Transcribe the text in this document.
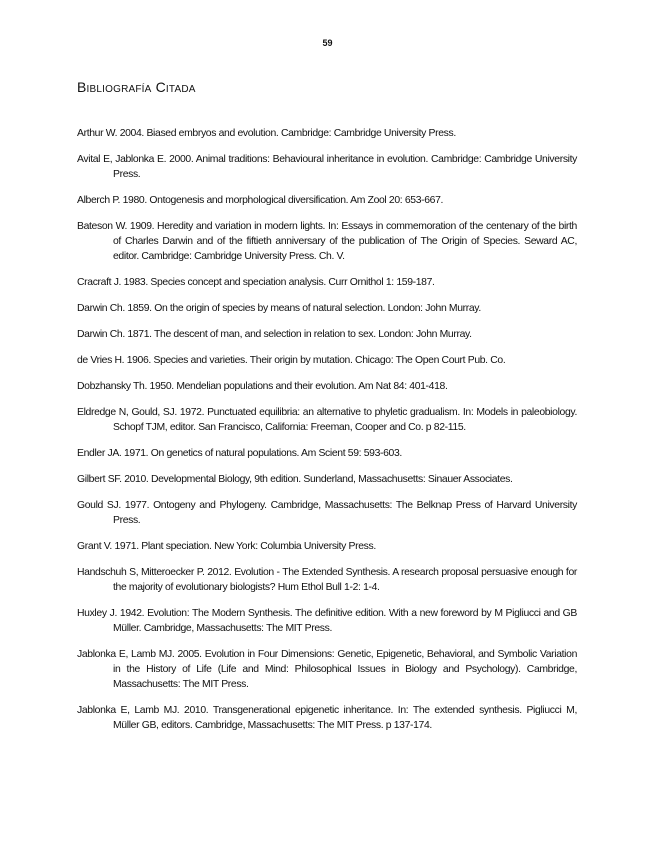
59
Bibliografía Citada
Arthur W. 2004. Biased embryos and evolution. Cambridge: Cambridge University Press.
Avital E, Jablonka E. 2000. Animal traditions: Behavioural inheritance in evolution. Cambridge: Cambridge University Press.
Alberch P. 1980. Ontogenesis and morphological diversification. Am Zool 20: 653-667.
Bateson W. 1909. Heredity and variation in modern lights. In: Essays in commemoration of the centenary of the birth of Charles Darwin and of the fiftieth anniversary of the publication of The Origin of Species. Seward AC, editor. Cambridge: Cambridge University Press. Ch. V.
Cracraft J. 1983. Species concept and speciation analysis. Curr Ornithol 1: 159-187.
Darwin Ch. 1859. On the origin of species by means of natural selection. London: John Murray.
Darwin Ch. 1871. The descent of man, and selection in relation to sex. London: John Murray.
de Vries H. 1906. Species and varieties. Their origin by mutation. Chicago: The Open Court Pub. Co.
Dobzhansky Th. 1950. Mendelian populations and their evolution. Am Nat 84: 401-418.
Eldredge N, Gould, SJ. 1972. Punctuated equilibria: an alternative to phyletic gradualism. In: Models in paleobiology. Schopf TJM, editor. San Francisco, California: Freeman, Cooper and Co. p 82-115.
Endler JA. 1971. On genetics of natural populations. Am Scient 59: 593-603.
Gilbert SF. 2010. Developmental Biology, 9th edition. Sunderland, Massachusetts: Sinauer Associates.
Gould SJ. 1977. Ontogeny and Phylogeny. Cambridge, Massachusetts: The Belknap Press of Harvard University Press.
Grant V. 1971. Plant speciation. New York: Columbia University Press.
Handschuh S, Mitteroecker P. 2012. Evolution - The Extended Synthesis. A research proposal persuasive enough for the majority of evolutionary biologists? Hum Ethol Bull 1-2: 1-4.
Huxley J. 1942. Evolution: The Modern Synthesis. The definitive edition. With a new foreword by M Pigliucci and GB Müller. Cambridge, Massachusetts: The MIT Press.
Jablonka E, Lamb MJ. 2005. Evolution in Four Dimensions: Genetic, Epigenetic, Behavioral, and Symbolic Variation in the History of Life (Life and Mind: Philosophical Issues in Biology and Psychology). Cambridge, Massachusetts: The MIT Press.
Jablonka E, Lamb MJ. 2010. Transgenerational epigenetic inheritance. In: The extended synthesis. Pigliucci M, Müller GB, editors. Cambridge, Massachusetts: The MIT Press. p 137-174.
